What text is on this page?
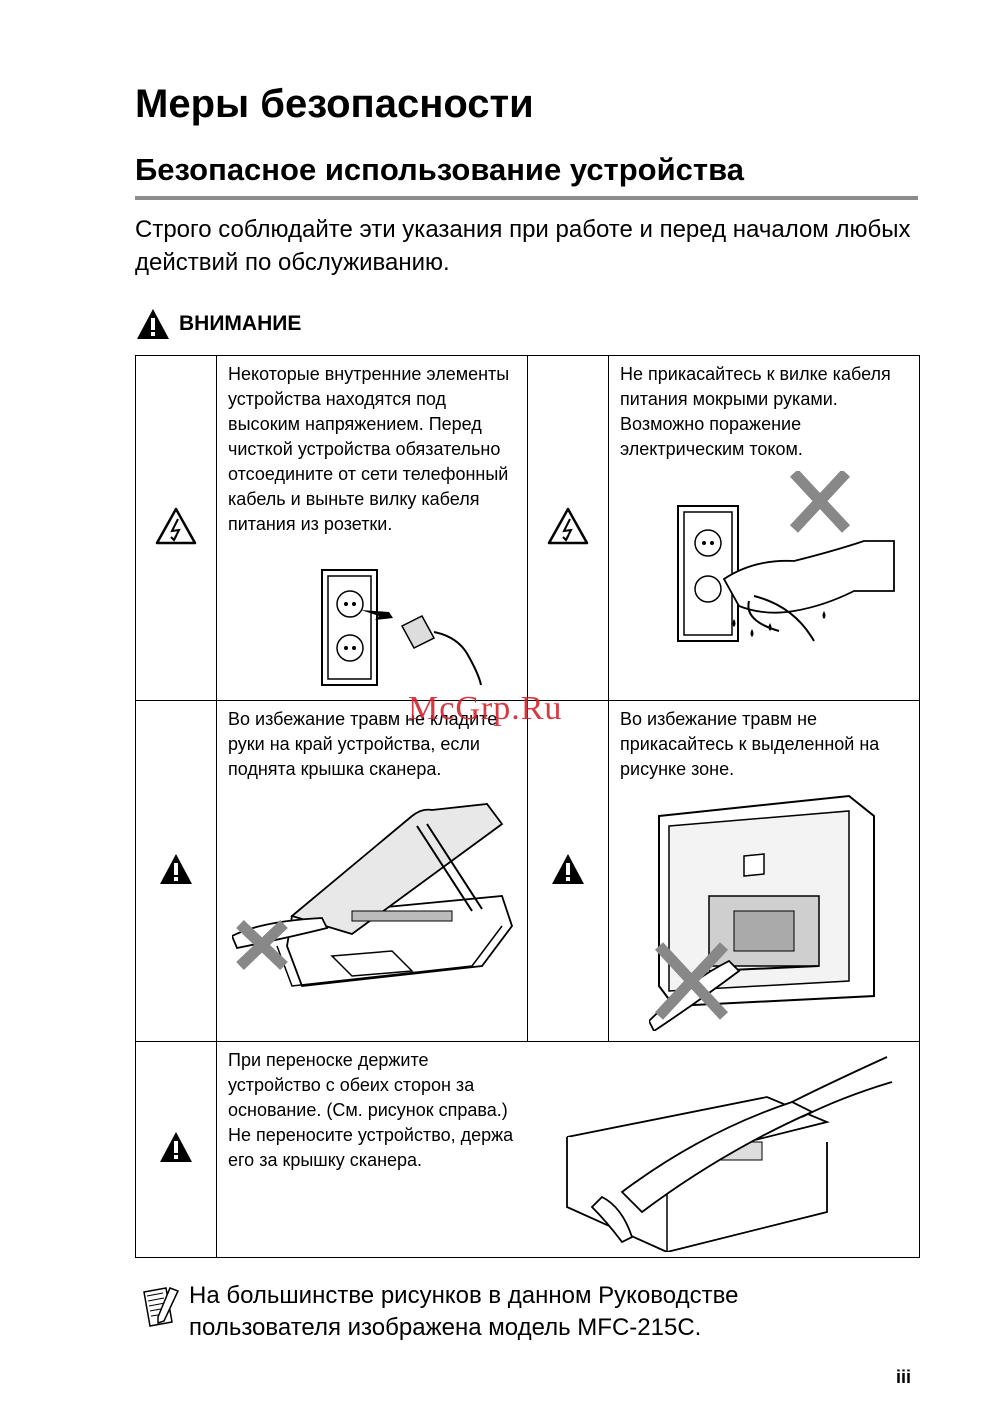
Меры безопасности
Безопасное использование устройства
Строго соблюдайте эти указания при работе и перед началом любых действий по обслуживанию.
ВНИМАНИЕ

Некоторые внутренние элементы устройства находятся под высоким напряжением. Перед чисткой устройства обязательно отсоедините от сети телефонный кабель и выньте вилку кабеля питания из розетки.		Не прикасайтесь к вилке кабеля питания мокрыми руками. Возможно поражение электрическим током.

Во избежание травм не кладите руки на край устройства, если поднята крышка сканера.		Во избежание травм не прикасайтесь к выделенной на рисунке зоне.

При переноске держите устройство с обеих сторон за основание. (См. рисунок справа.) Не переносите устройство, держа его за крышку сканера.		
McGrp.Ru
На большинстве рисунков в данном Руководстве пользователя изображена модель MFC-215C.
iii
